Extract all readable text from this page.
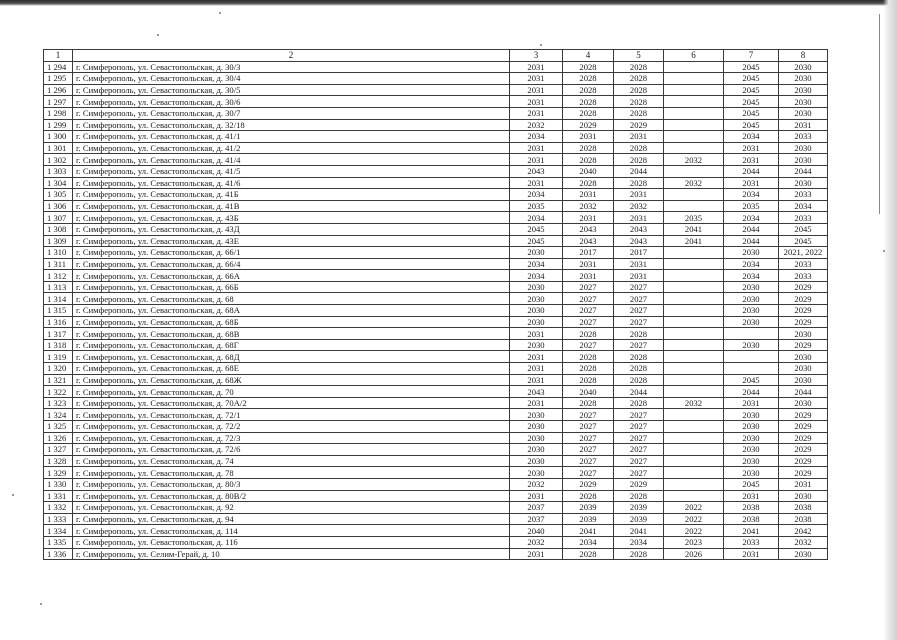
1	2	3	4	5	6	7	8
1 294	г. Симферополь, ул. Севастопольская, д. 30/3	2031	2028	2028		2045	2030
1 295	г. Симферополь, ул. Севастопольская, д. 30/4	2031	2028	2028		2045	2030
1 296	г. Симферополь, ул. Севастопольская, д. 30/5	2031	2028	2028		2045	2030
1 297	г. Симферополь, ул. Севастопольская, д. 30/6	2031	2028	2028		2045	2030
1 298	г. Симферополь, ул. Севастопольская, д. 30/7	2031	2028	2028		2045	2030
1 299	г. Симферополь, ул. Севастопольская, д. 32/18	2032	2029	2029		2045	2031
1 300	г. Симферополь, ул. Севастопольская, д. 41/1	2034	2031	2031		2034	2033
1 301	г. Симферополь, ул. Севастопольская, д. 41/2	2031	2028	2028		2031	2030
1 302	г. Симферополь, ул. Севастопольская, д. 41/4	2031	2028	2028	2032	2031	2030
1 303	г. Симферополь, ул. Севастопольская, д. 41/5	2043	2040	2044		2044	2044
1 304	г. Симферополь, ул. Севастопольская, д. 41/6	2031	2028	2028	2032	2031	2030
1 305	г. Симферополь, ул. Севастопольская, д. 41Б	2034	2031	2031		2034	2033
1 306	г. Симферополь, ул. Севастопольская, д. 41В	2035	2032	2032		2035	2034
1 307	г. Симферополь, ул. Севастопольская, д. 43Б	2034	2031	2031	2035	2034	2033
1 308	г. Симферополь, ул. Севастопольская, д. 43Д	2045	2043	2043	2041	2044	2045
1 309	г. Симферополь, ул. Севастопольская, д. 43Е	2045	2043	2043	2041	2044	2045
1 310	г. Симферополь, ул. Севастопольская, д. 66/1	2030	2017	2017		2030	2021, 2022
1 311	г. Симферополь, ул. Севастопольская, д. 66/4	2034	2031	2031		2034	2033
1 312	г. Симферополь, ул. Севастопольская, д. 66А	2034	2031	2031		2034	2033
1 313	г. Симферополь, ул. Севастопольская, д. 66Б	2030	2027	2027		2030	2029
1 314	г. Симферополь, ул. Севастопольская, д. 68	2030	2027	2027		2030	2029
1 315	г. Симферополь, ул. Севастопольская, д. 68А	2030	2027	2027		2030	2029
1 316	г. Симферополь, ул. Севастопольская, д. 68Б	2030	2027	2027		2030	2029
1 317	г. Симферополь, ул. Севастопольская, д. 68В	2031	2028	2028			2030
1 318	г. Симферополь, ул. Севастопольская, д. 68Г	2030	2027	2027		2030	2029
1 319	г. Симферополь, ул. Севастопольская, д. 68Д	2031	2028	2028			2030
1 320	г. Симферополь, ул. Севастопольская, д. 68Е	2031	2028	2028			2030
1 321	г. Симферополь, ул. Севастопольская, д. 68Ж	2031	2028	2028		2045	2030
1 322	г. Симферополь, ул. Севастопольская, д. 70	2043	2040	2044		2044	2044
1 323	г. Симферополь, ул. Севастопольская, д. 70А/2	2031	2028	2028	2032	2031	2030
1 324	г. Симферополь, ул. Севастопольская, д. 72/1	2030	2027	2027		2030	2029
1 325	г. Симферополь, ул. Севастопольская, д. 72/2	2030	2027	2027		2030	2029
1 326	г. Симферополь, ул. Севастопольская, д. 72/3	2030	2027	2027		2030	2029
1 327	г. Симферополь, ул. Севастопольская, д. 72/6	2030	2027	2027		2030	2029
1 328	г. Симферополь, ул. Севастопольская, д. 74	2030	2027	2027		2030	2029
1 329	г. Симферополь, ул. Севастопольская, д. 78	2030	2027	2027		2030	2029
1 330	г. Симферополь, ул. Севастопольская, д. 80/3	2032	2029	2029		2045	2031
1 331	г. Симферополь, ул. Севастопольская, д. 80В/2	2031	2028	2028		2031	2030
1 332	г. Симферополь, ул. Севастопольская, д. 92	2037	2039	2039	2022	2038	2038
1 333	г. Симферополь, ул. Севастопольская, д. 94	2037	2039	2039	2022	2038	2038
1 334	г. Симферополь, ул. Севастопольская, д. 114	2040	2041	2041	2022	2041	2042
1 335	г. Симферополь, ул. Севастопольская, д. 116	2032	2034	2034	2023	2033	2032
1 336	г. Симферополь, ул. Селим-Герай, д. 10	2031	2028	2028	2026	2031	2030
